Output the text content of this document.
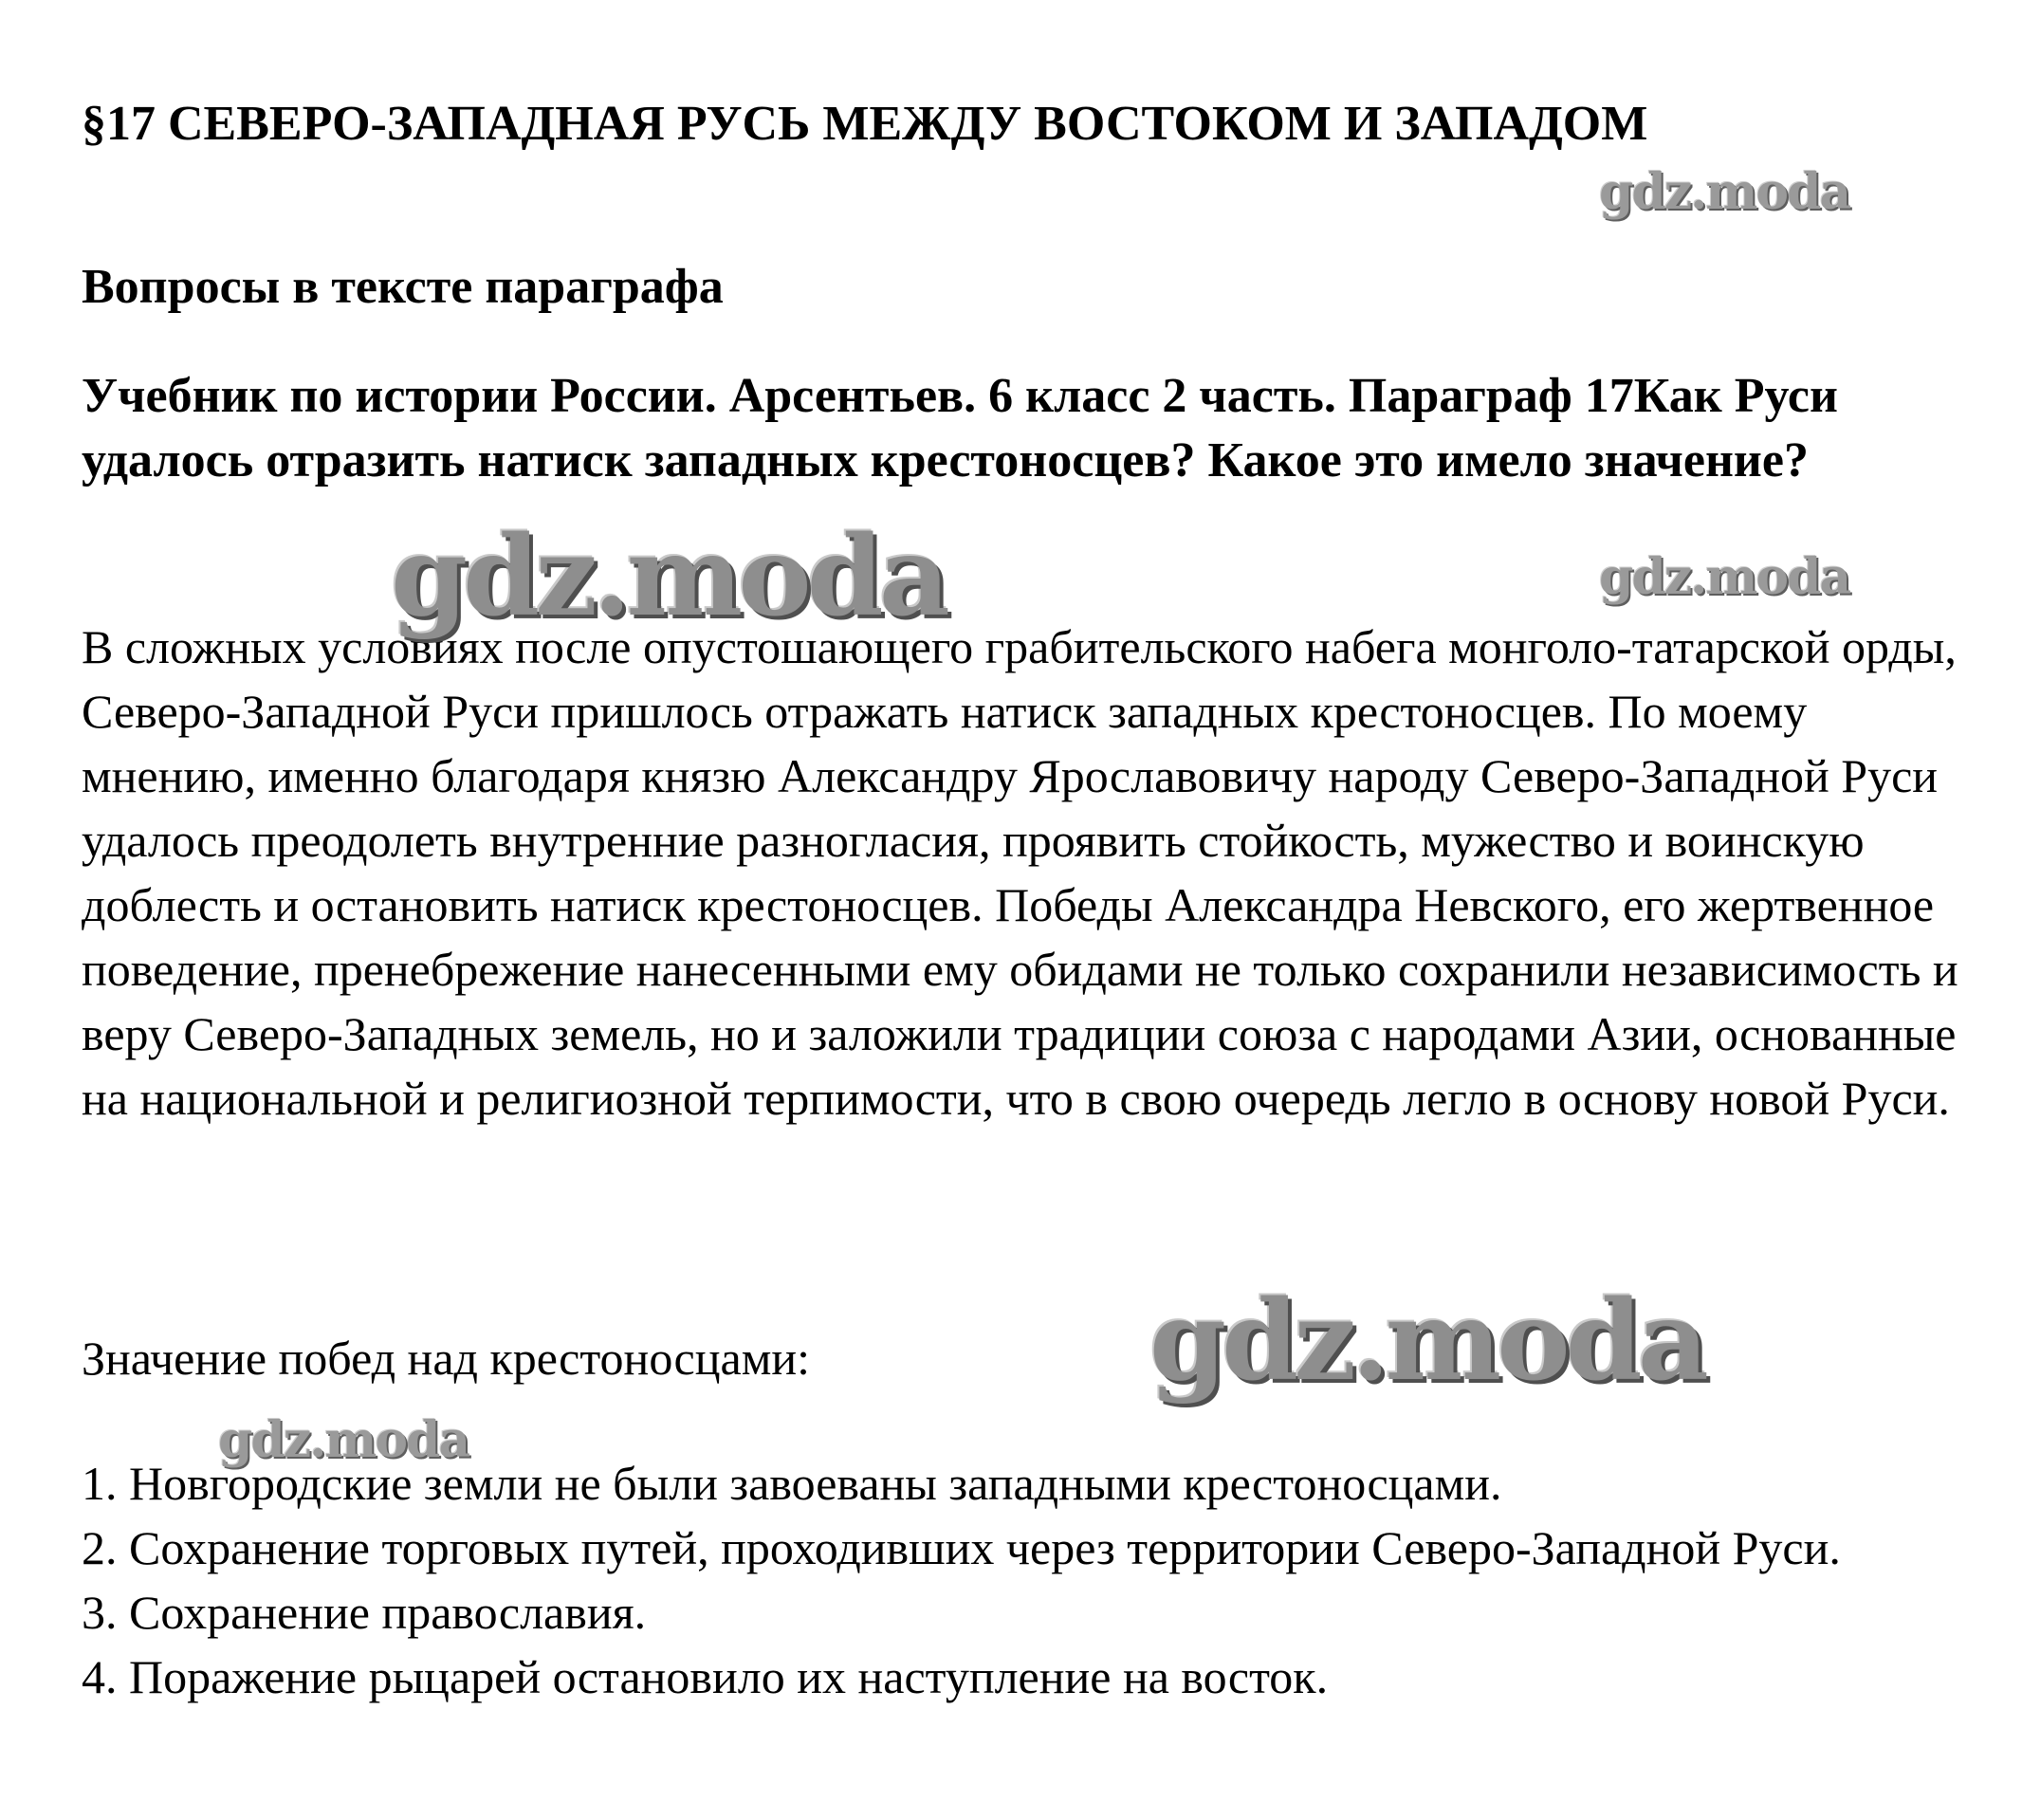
§17 СЕВЕРО-ЗАПАДНАЯ РУСЬ МЕЖДУ ВОСТОКОМ И ЗАПАДОМ
Вопросы в тексте параграфа

Учебник по истории России. Арсентьев. 6 класс 2 часть. Параграф 17Как Руси удалось отразить натиск западных крестоносцев? Какое это имело значение?

В сложных условиях после опустошающего грабительского набега монголо-татарской орды, Северо-Западной Руси пришлось отражать натиск западных крестоносцев. По моему мнению, именно благодаря князю Александру Ярославовичу народу Северо-Западной Руси удалось преодолеть внутренние разногласия, проявить стойкость, мужество и воинскую доблесть и остановить натиск крестоносцев. Победы Александра Невского, его жертвенное поведение, пренебрежение нанесенными ему обидами не только сохранили независимость и веру Северо-Западных земель, но и заложили традиции союза с народами Азии, основанные на национальной и религиозной терпимости, что в свою очередь легло в основу новой Руси.

Значение побед над крестоносцами:

1. Новгородские земли не были завоеваны западными крестоносцами.
2. Сохранение торговых путей, проходивших через территории Северо-Западной Руси.
3. Сохранение православия.
4. Поражение рыцарей остановило их наступление на восток.
gdz.moda
gdz.moda	gdz.moda
gdz.moda
gdz.moda
